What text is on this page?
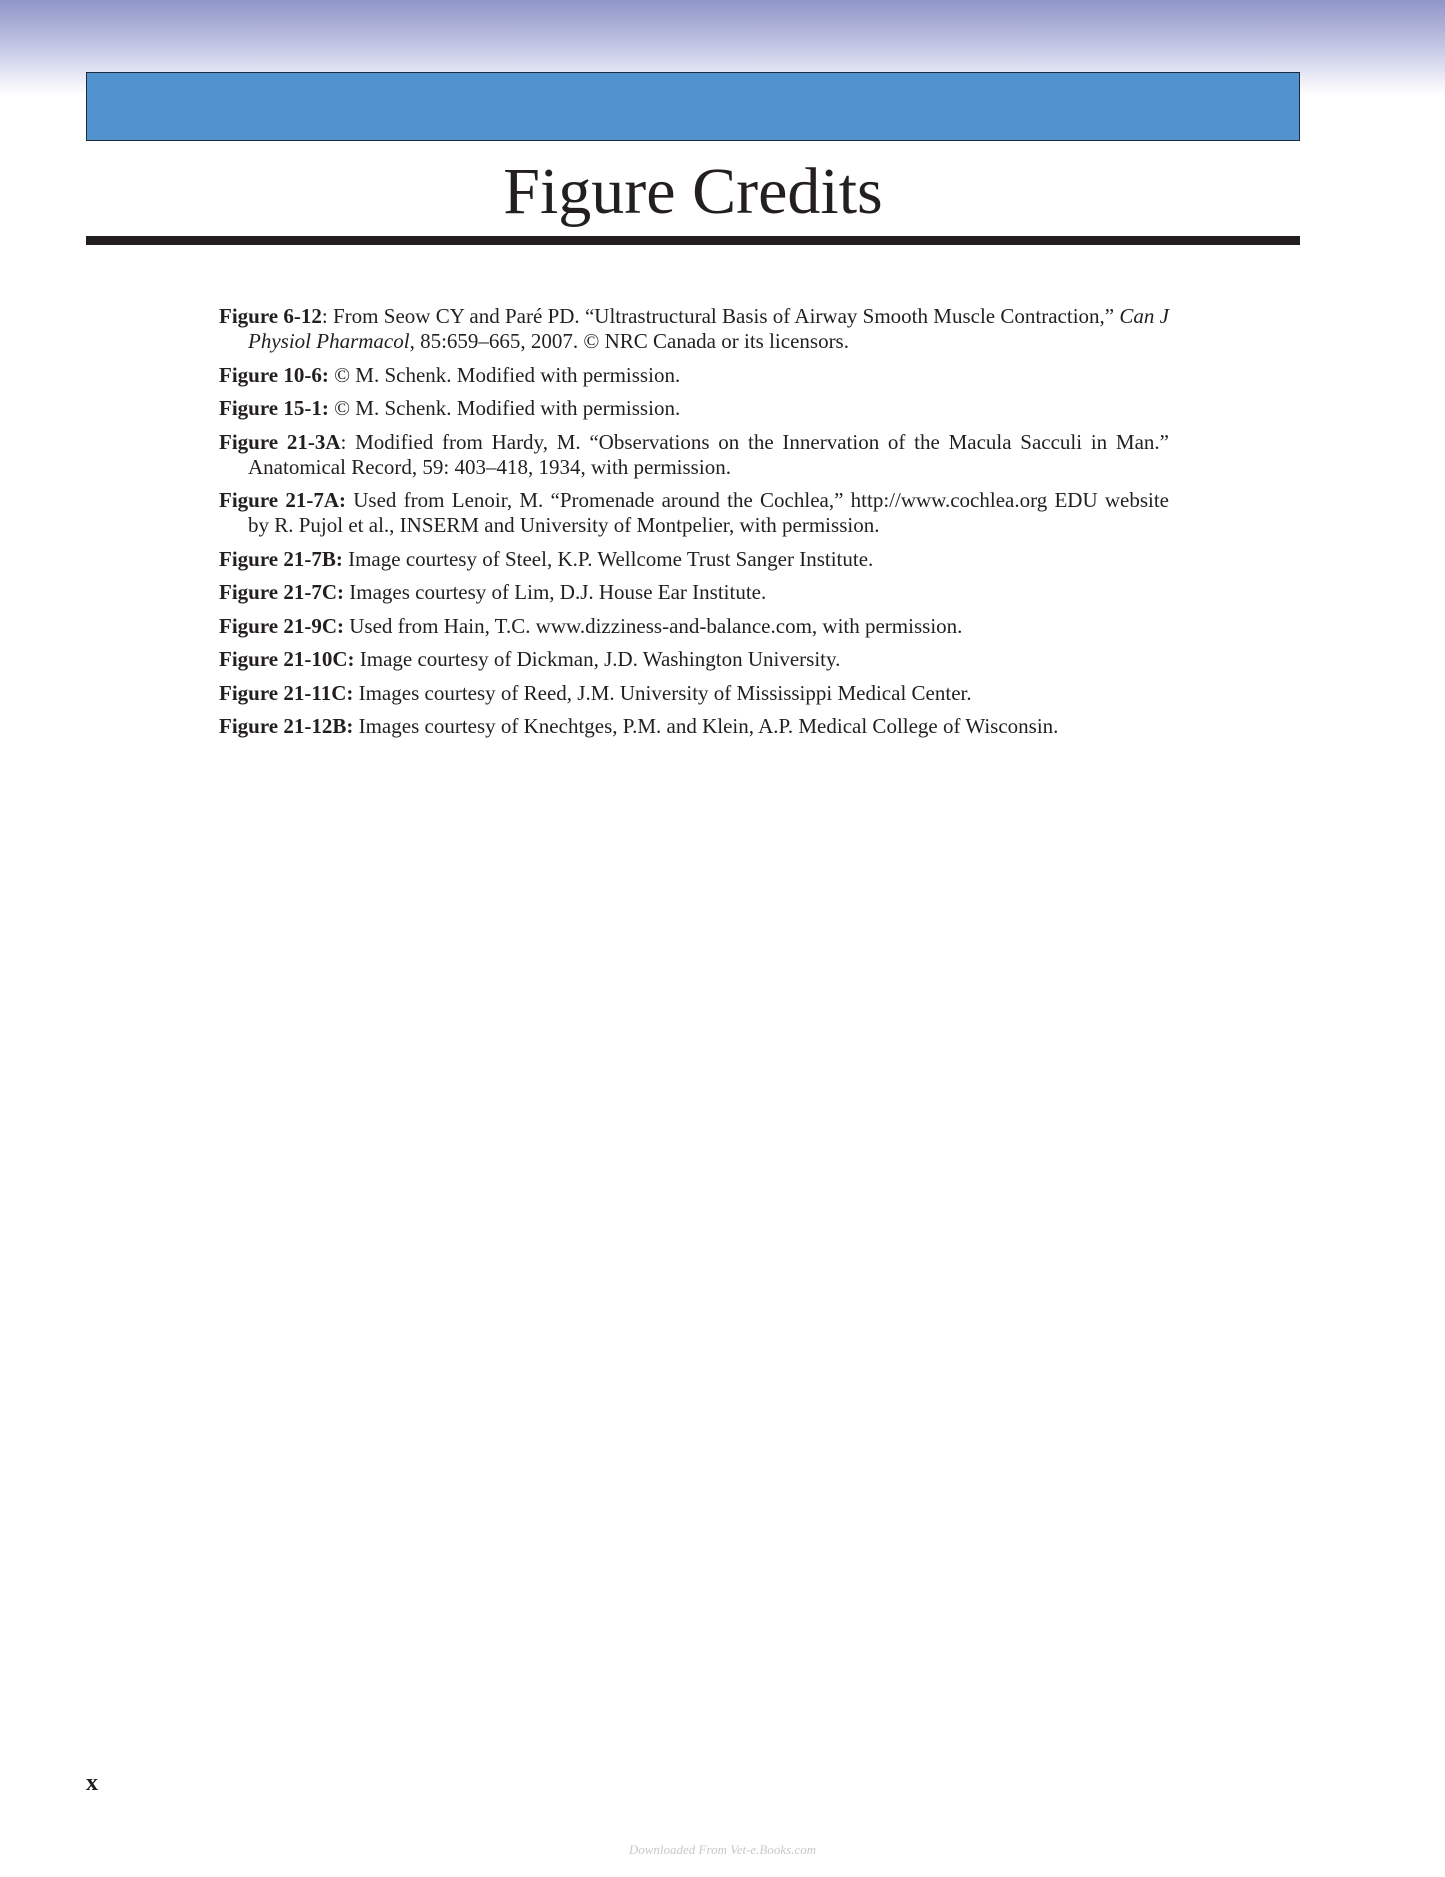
Figure Credits
Figure 6-12: From Seow CY and Paré PD. “Ultrastructural Basis of Airway Smooth Muscle Contraction,” Can J Physiol Pharmacol, 85:659–665, 2007. © NRC Canada or its licensors.
Figure 10-6: © M. Schenk. Modified with permission.
Figure 15-1: © M. Schenk. Modified with permission.
Figure 21-3A: Modified from Hardy, M. “Observations on the Innervation of the Macula Sacculi in Man.” Anatomical Record, 59: 403–418, 1934, with permission.
Figure 21-7A: Used from Lenoir, M. “Promenade around the Cochlea,” http://www.cochlea.org EDU website by R. Pujol et al., INSERM and University of Montpelier, with permission.
Figure 21-7B: Image courtesy of Steel, K.P. Wellcome Trust Sanger Institute.
Figure 21-7C: Images courtesy of Lim, D.J. House Ear Institute.
Figure 21-9C: Used from Hain, T.C. www.dizziness-and-balance.com, with permission.
Figure 21-10C: Image courtesy of Dickman, J.D. Washington University.
Figure 21-11C: Images courtesy of Reed, J.M. University of Mississippi Medical Center.
Figure 21-12B: Images courtesy of Knechtges, P.M. and Klein, A.P. Medical College of Wisconsin.
x
Downloaded From Vet-e.Books.com
